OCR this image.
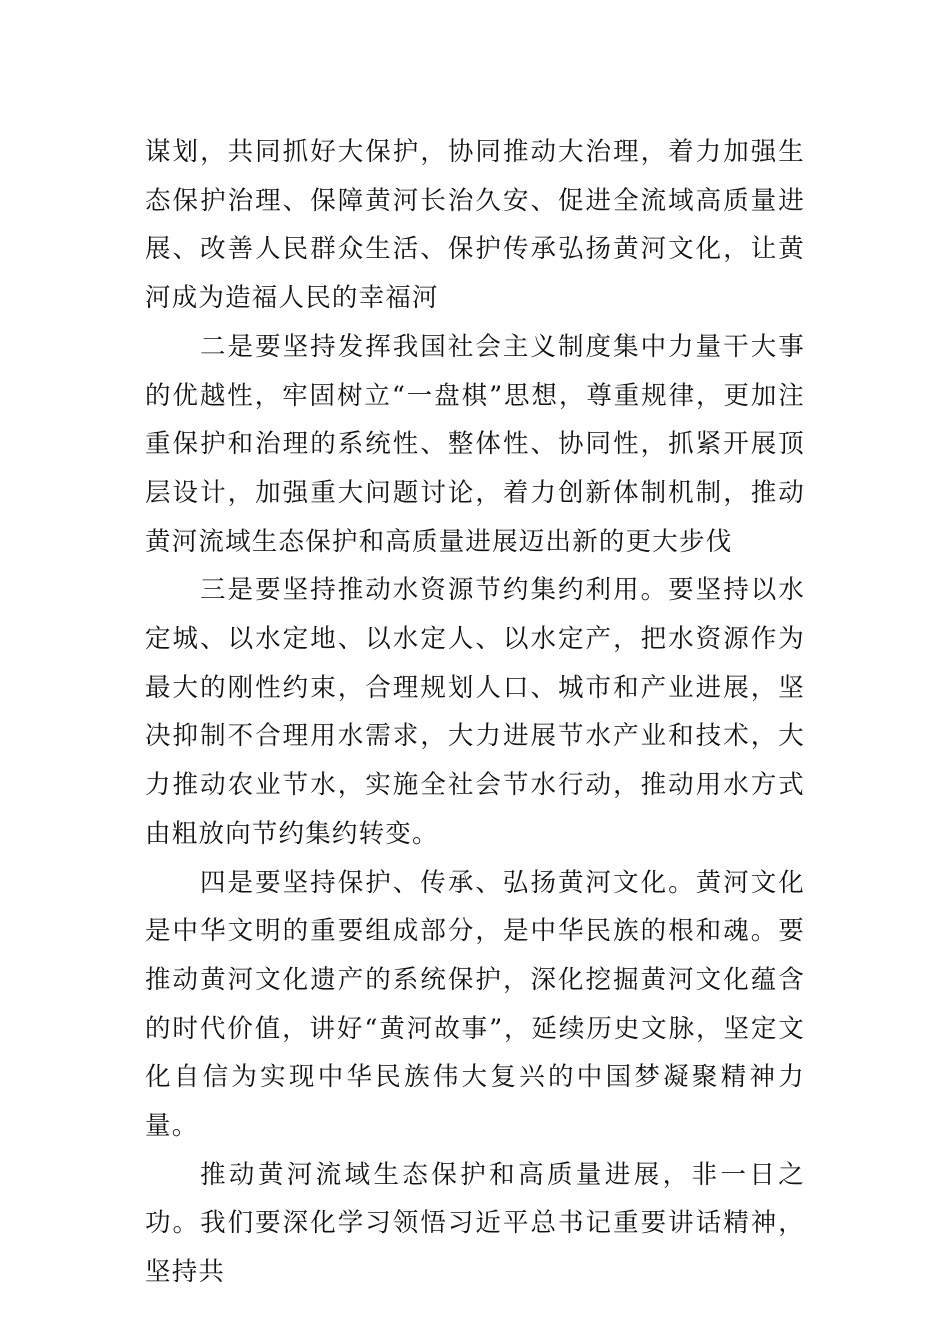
谋划，共同抓好大保护，协同推动大治理，着力加强生态保护治理、保障黄河长治久安、促进全流域高质量进展、改善人民群众生活、保护传承弘扬黄河文化，让黄河成为造福人民的幸福河

二是要坚持发挥我国社会主义制度集中力量干大事的优越性，牢固树立“一盘棋”思想，尊重规律，更加注重保护和治理的系统性、整体性、协同性，抓紧开展顶层设计，加强重大问题讨论，着力创新体制机制，推动黄河流域生态保护和高质量进展迈出新的更大步伐

三是要坚持推动水资源节约集约利用。要坚持以水定城、以水定地、以水定人、以水定产，把水资源作为最大的刚性约束，合理规划人口、城市和产业进展，坚决抑制不合理用水需求，大力进展节水产业和技术，大力推动农业节水，实施全社会节水行动，推动用水方式由粗放向节约集约转变。

四是要坚持保护、传承、弘扬黄河文化。黄河文化是中华文明的重要组成部分，是中华民族的根和魂。要推动黄河文化遗产的系统保护，深化挖掘黄河文化蕴含的时代价值，讲好“黄河故事”，延续历史文脉，坚定文化自信为实现中华民族伟大复兴的中国梦凝聚精神力量。

推动黄河流域生态保护和高质量进展，非一日之功。我们要深化学习领悟习近平总书记重要讲话精神，坚持共
